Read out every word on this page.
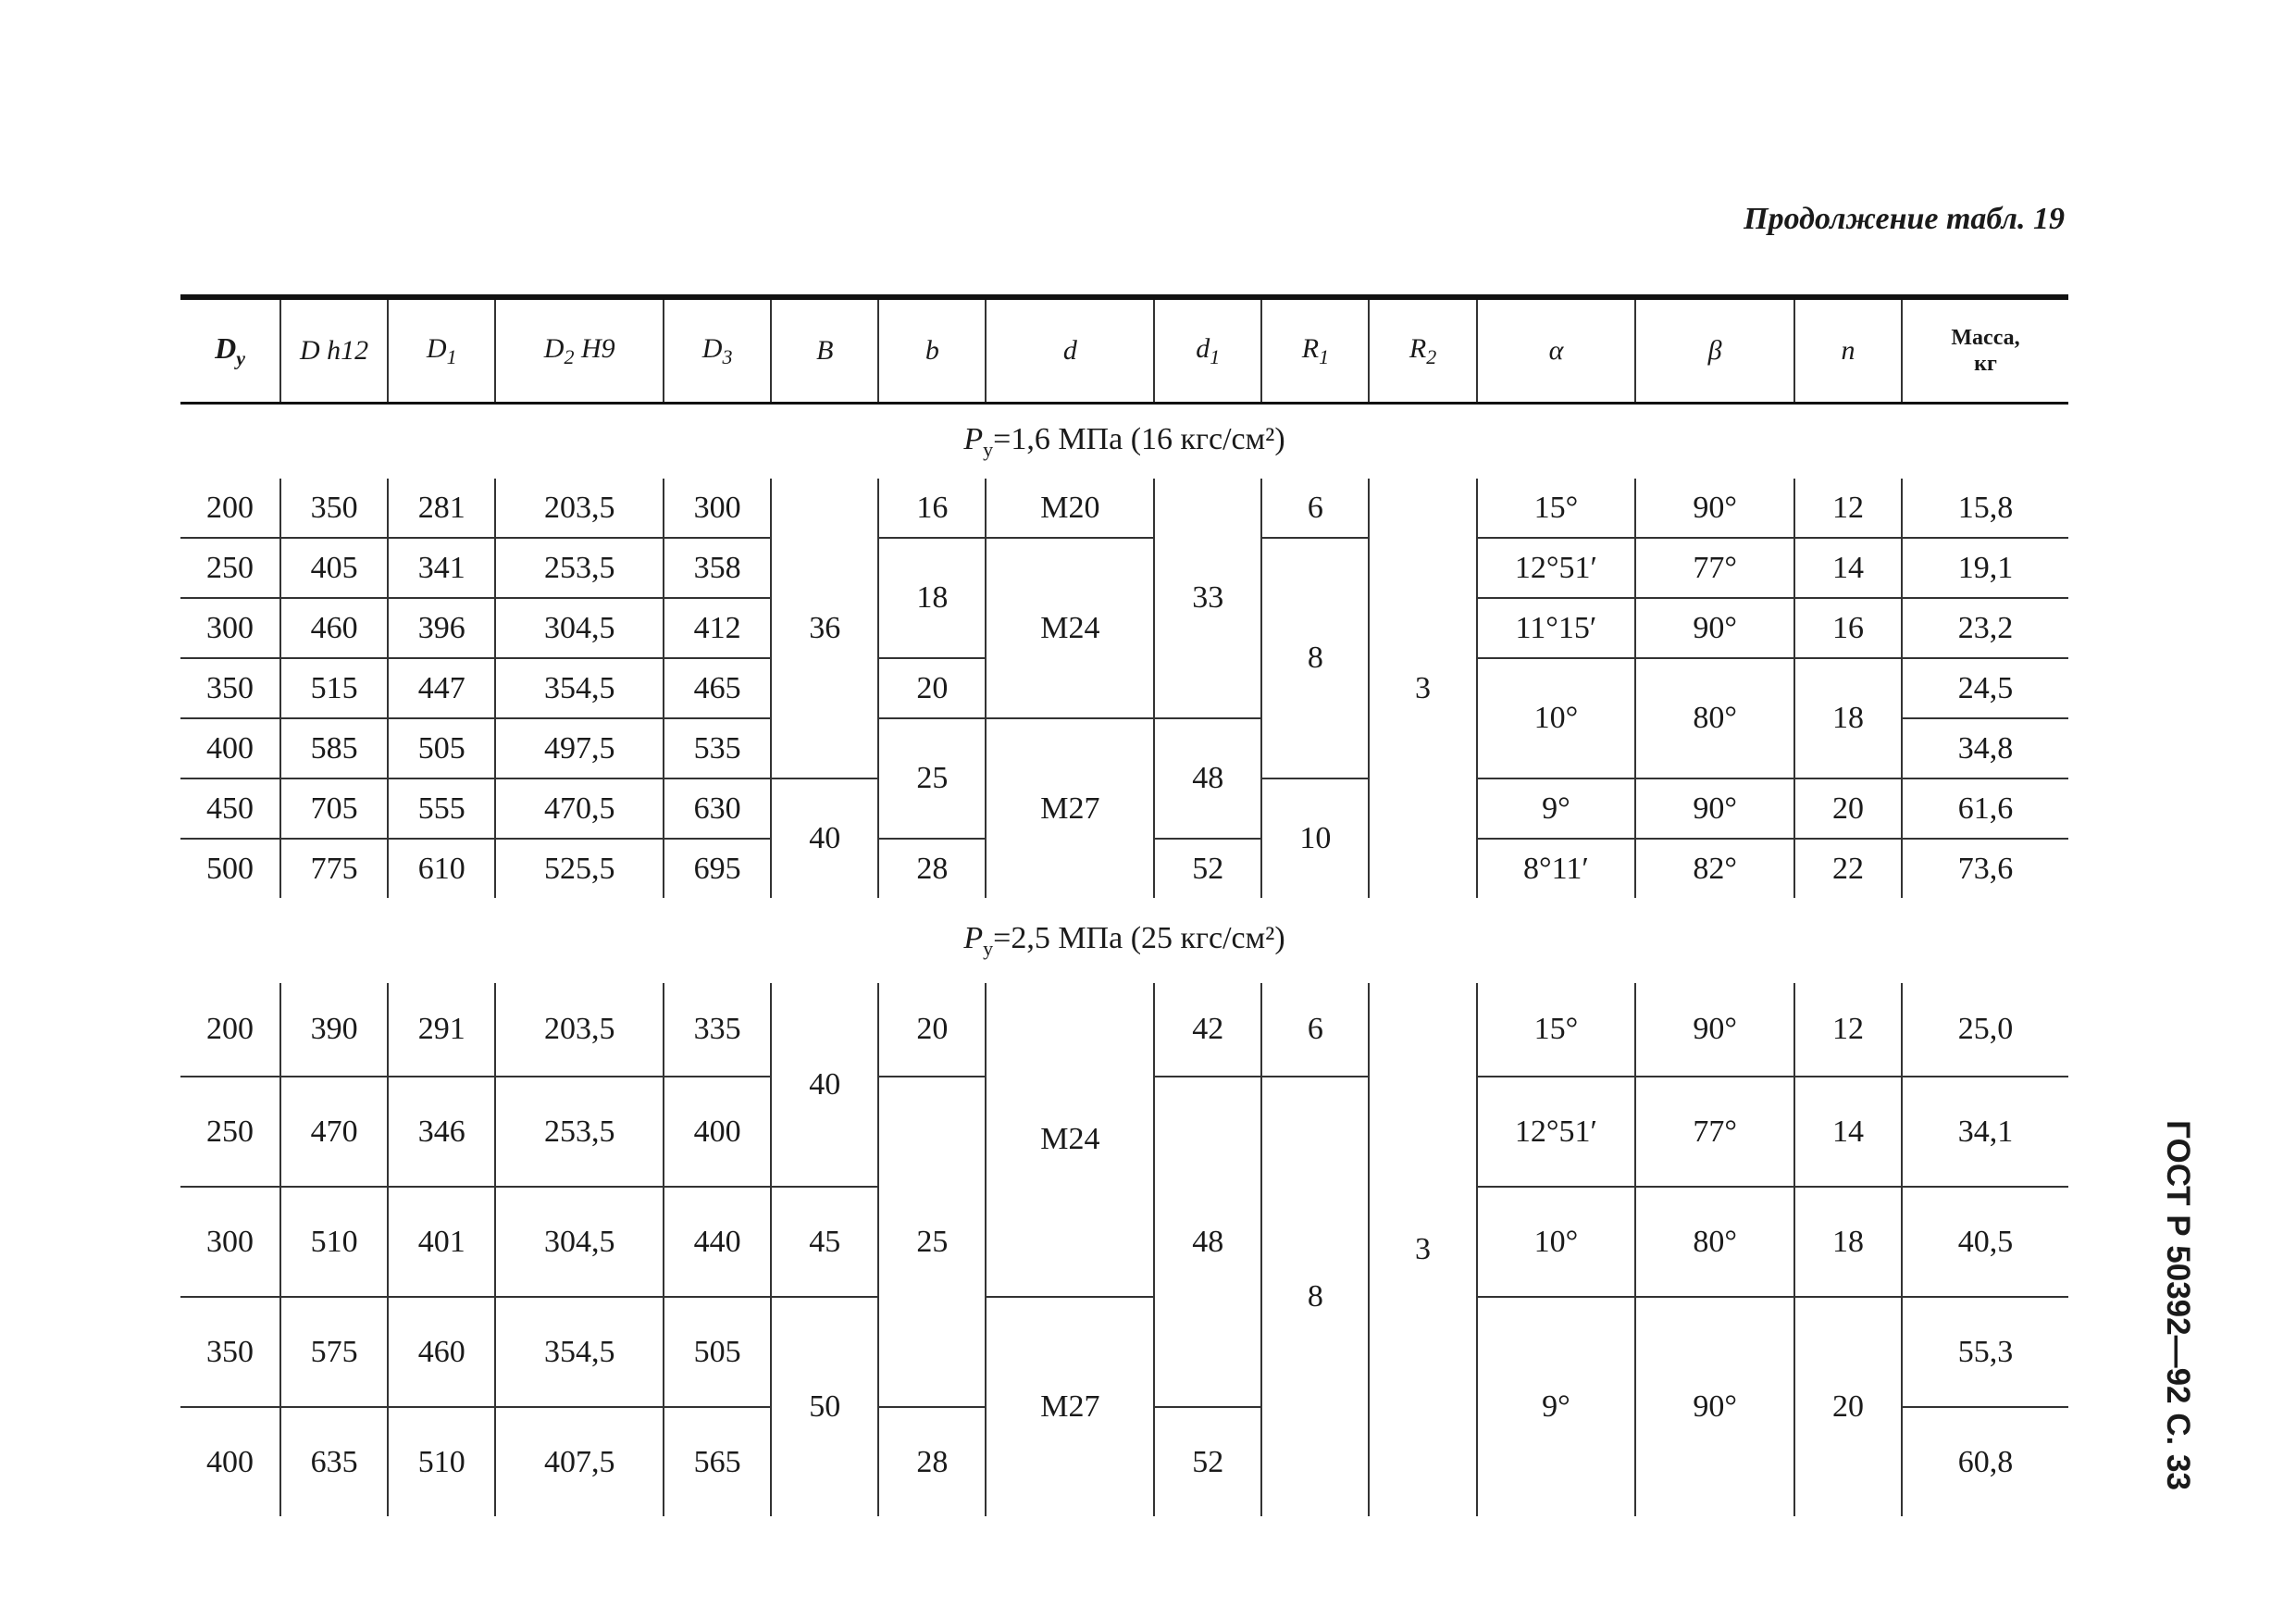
Продолжение табл. 19
ГОСТ Р 50392—92 С. 33
$D_у$	D h12	$D_1$	$D_2$ H9	$D_3$	B	b	d	$d_1$	$R_1$	$R_2$	α	β	n	Масса,
кг
$P_у=1,6$ МПа (16 кгс/см²)														
200	350	281	203,5	300	36	16	М20	33	6	3	15°	90°	12	15,8
250	405	341	253,5	358		18	М24		8		12°51′	77°	14	19,1
300	460	396	304,5	412							11°15′	90°	16	23,2
350	515	447	354,5	465		20					10°	80°	18	24,5
400	585	505	497,5	535		25	М27	48						34,8
450	705	555	470,5	630	40				10		9°	90°	20	61,6
500	775	610	525,5	695		28		52			8°11′	82°	22	73,6
$P_у=2,5$ МПа (25 кгс/см²)														
200	390	291	203,5	335	40	20	М24	42	6	3	15°	90°	12	25,0
250	470	346	253,5	400		25		48	8		12°51′	77°	14	34,1
300	510	401	304,5	440	45						10°	80°	18	40,5
350	575	460	354,5	505	50		М27				9°	90°	20	55,3
400	635	510	407,5	565		28		52						60,8
